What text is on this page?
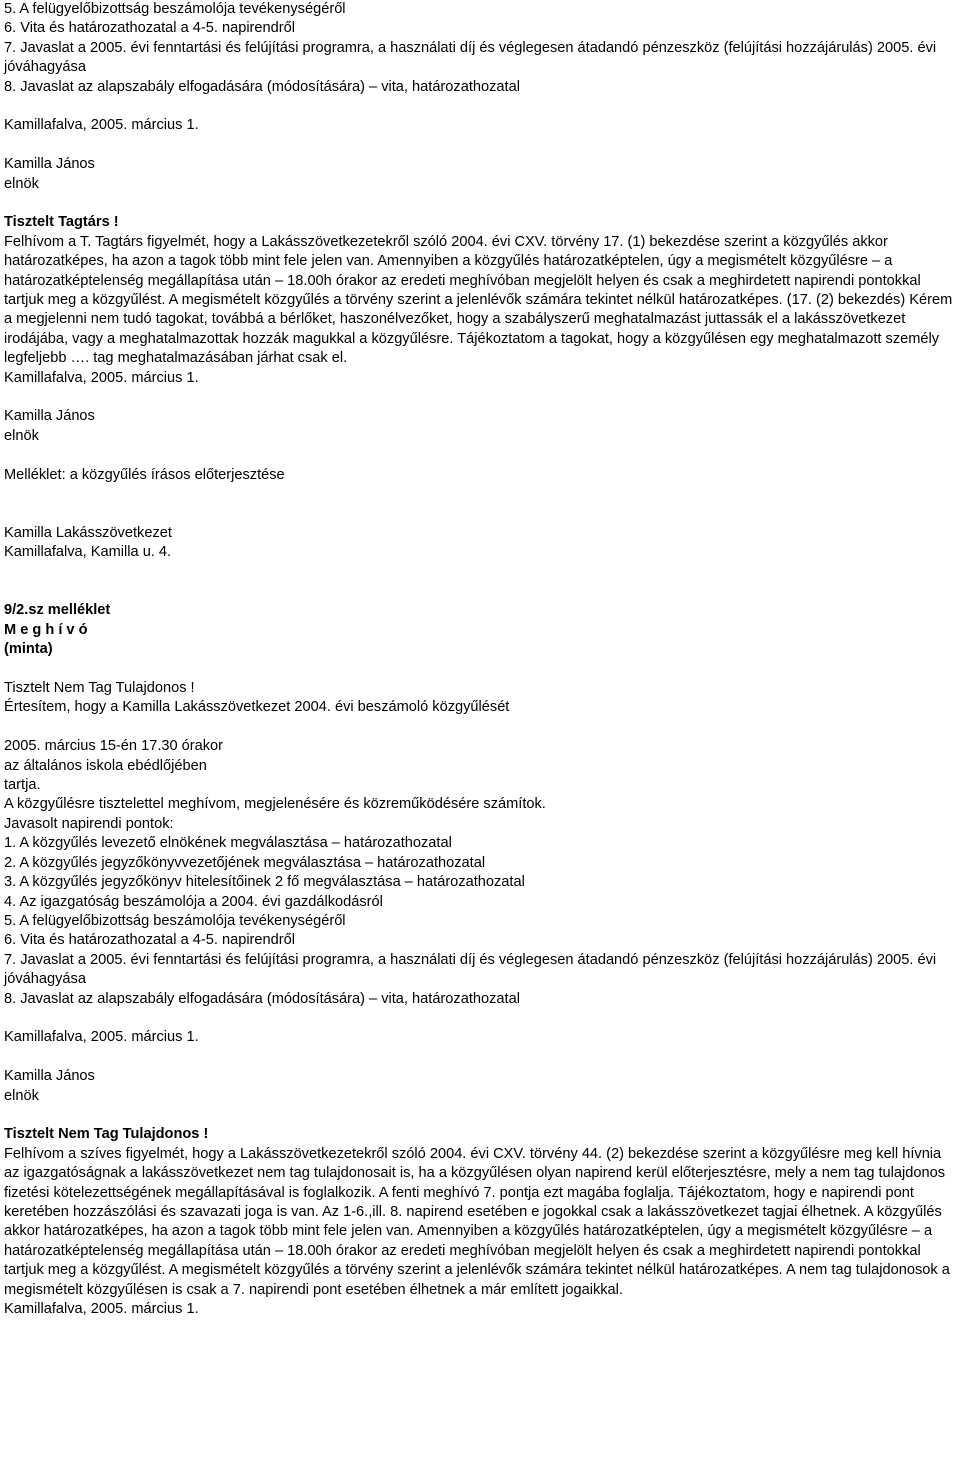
5. A felügyelőbizottság beszámolója tevékenységéről

6. Vita és határozathozatal a 4-5. napirendről

7. Javaslat a 2005. évi fenntartási és felújítási programra, a használati díj és véglegesen átadandó pénzeszköz (felújítási hozzájárulás) 2005. évi jóváhagyása

8. Javaslat az alapszabály elfogadására (módosítására) – vita, határozathozatal

Kamillafalva, 2005. március 1.

Kamilla János

elnök

Tisztelt Tagtárs !

Felhívom a T. Tagtárs figyelmét, hogy a Lakásszövetkezetekről szóló 2004. évi CXV. törvény 17. (1) bekezdése szerint a közgyűlés akkor határozatképes, ha azon a tagok több mint fele jelen van. Amennyiben a közgyűlés határozatképtelen, úgy a megismételt közgyűlésre – a határozatképtelenség megállapítása után – 18.00h órakor az eredeti meghívóban megjelölt helyen és csak a meghirdetett napirendi pontokkal tartjuk meg a közgyűlést. A megismételt közgyűlés a törvény szerint a jelenlévők számára tekintet nélkül határozatképes. (17. (2) bekezdés) Kérem a megjelenni nem tudó tagokat, továbbá a bérlőket, haszonélvezőket, hogy a szabályszerű meghatalmazást juttassák el a lakásszövetkezet irodájába, vagy a meghatalmazottak hozzák magukkal a közgyűlésre. Tájékoztatom a tagokat, hogy a közgyűlésen egy meghatalmazott személy legfeljebb …. tag meghatalmazásában járhat csak el.

Kamillafalva, 2005. március 1.

Kamilla János

elnök

Melléklet: a közgyűlés írásos előterjesztése

Kamilla Lakásszövetkezet

Kamillafalva, Kamilla u. 4.

9/2.sz melléklet

M e g h í v ó

(minta)

Tisztelt Nem Tag Tulajdonos !

Értesítem, hogy a Kamilla Lakásszövetkezet 2004. évi beszámoló közgyűlését

2005. március 15-én 17.30 órakor

az általános iskola ebédlőjében

tartja.

A közgyűlésre tisztelettel meghívom, megjelenésére és közreműködésére számítok.

Javasolt napirendi pontok:

1. A közgyűlés levezető elnökének megválasztása – határozathozatal

2. A közgyűlés jegyzőkönyvvezetőjének megválasztása – határozathozatal

3. A közgyűlés jegyzőkönyv hitelesítőinek 2 fő megválasztása – határozathozatal

4. Az igazgatóság beszámolója a 2004. évi gazdálkodásról

5. A felügyelőbizottság beszámolója tevékenységéről

6. Vita és határozathozatal a 4-5. napirendről

7. Javaslat a 2005. évi fenntartási és felújítási programra, a használati díj és véglegesen átadandó pénzeszköz (felújítási hozzájárulás) 2005. évi jóváhagyása

8. Javaslat az alapszabály elfogadására (módosítására) – vita, határozathozatal

Kamillafalva, 2005. március 1.

Kamilla János

elnök

Tisztelt Nem Tag Tulajdonos !

Felhívom a szíves figyelmét, hogy a Lakásszövetkezetekről szóló 2004. évi CXV. törvény 44. (2) bekezdése szerint a közgyűlésre meg kell hívnia az igazgatóságnak a lakásszövetkezet nem tag tulajdonosait is, ha a közgyűlésen olyan napirend kerül előterjesztésre, mely a nem tag tulajdonos fizetési kötelezettségének megállapításával is foglalkozik. A fenti meghívó 7. pontja ezt magába foglalja. Tájékoztatom, hogy e napirendi pont keretében hozzászólási és szavazati joga is van. Az 1-6.,ill. 8. napirend esetében e jogokkal csak a lakásszövetkezet tagjai élhetnek. A közgyűlés akkor határozatképes, ha azon a tagok több mint fele jelen van. Amennyiben a közgyűlés határozatképtelen, úgy a megismételt közgyűlésre – a határozatképtelenség megállapítása után – 18.00h órakor az eredeti meghívóban megjelölt helyen és csak a meghirdetett napirendi pontokkal tartjuk meg a közgyűlést. A megismételt közgyűlés a törvény szerint a jelenlévők számára tekintet nélkül határozatképes. A nem tag tulajdonosok a megismételt közgyűlésen is csak a 7. napirendi pont esetében élhetnek a már említett jogaikkal.

Kamillafalva, 2005. március 1.
